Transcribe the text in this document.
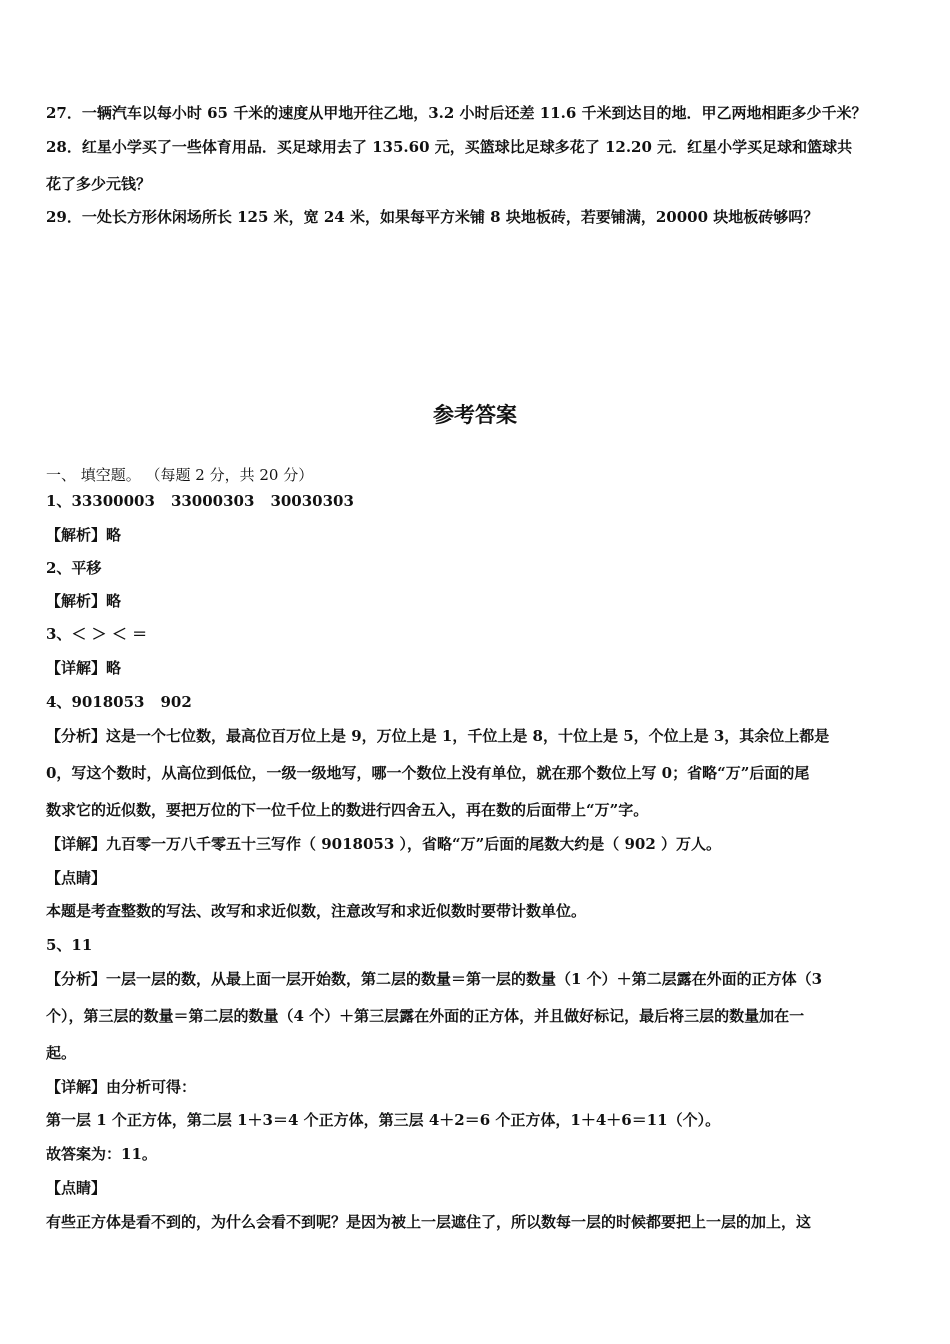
27．一辆汽车以每小时 65 千米的速度从甲地开往乙地，3.2 小时后还差 11.6 千米到达目的地．甲乙两地相距多少千米？
28．红星小学买了一些体育用品．买足球用去了 135.60 元，买篮球比足球多花了 12.20 元．红星小学买足球和篮球共
花了多少元钱？
29．一处长方形休闲场所长 125 米，宽 24 米，如果每平方米铺 8 块地板砖，若要铺满，20000 块地板砖够吗？
参考答案
一、 填空题。 （每题 2 分，共 20 分）
1、33300003 33000303 30030303
【解析】略
2、平移
【解析】略
3、＜ ＞ ＜ ＝
【详解】略
4、9018053 902
【分析】这是一个七位数，最高位百万位上是 9，万位上是 1，千位上是 8，十位上是 5，个位上是 3，其余位上都是
0，写这个数时，从高位到低位，一级一级地写，哪一个数位上没有单位，就在那个数位上写 0；省略“万”后面的尾
数求它的近似数，要把万位的下一位千位上的数进行四舍五入，再在数的后面带上“万”字。
【详解】九百零一万八千零五十三写作（ 9018053 ），省略“万”后面的尾数大约是（ 902 ）万人。
【点睛】
本题是考查整数的写法、改写和求近似数，注意改写和求近似数时要带计数单位。
5、11
【分析】一层一层的数，从最上面一层开始数，第二层的数量＝第一层的数量（1 个）＋第二层露在外面的正方体（3
个），第三层的数量＝第二层的数量（4 个）＋第三层露在外面的正方体，并且做好标记，最后将三层的数量加在一
起。
【详解】由分析可得：
第一层 1 个正方体，第二层 1＋3＝4 个正方体，第三层 4＋2＝6 个正方体，1＋4＋6＝11（个）。
故答案为：11。
【点睛】
有些正方体是看不到的，为什么会看不到呢？是因为被上一层遮住了，所以数每一层的时候都要把上一层的加上，这
